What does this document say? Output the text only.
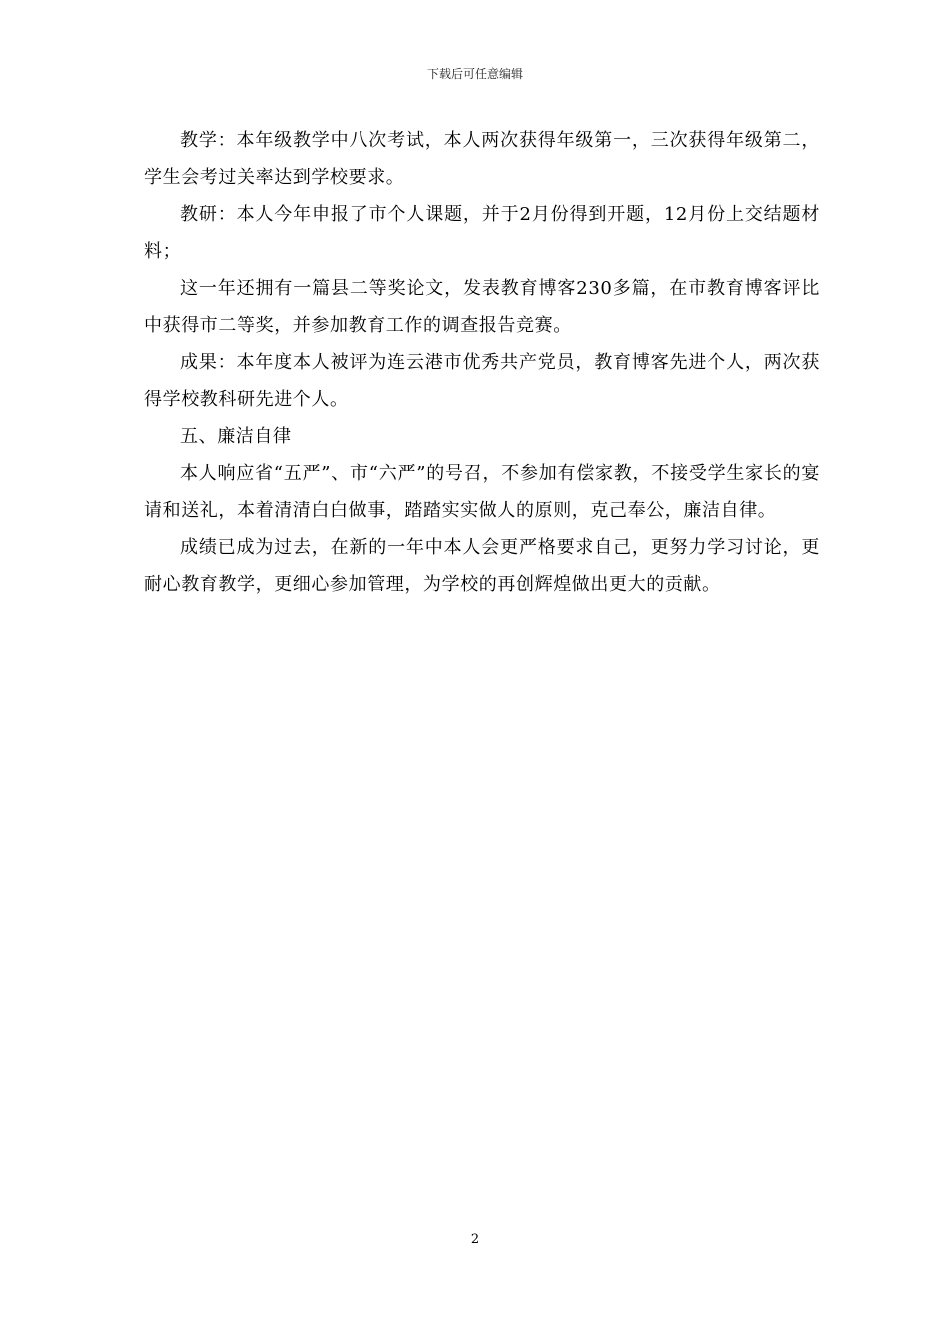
下载后可任意编辑

教学：本年级教学中八次考试，本人两次获得年级第一，三次获得年级第二，学生会考过关率达到学校要求。

教研：本人今年申报了市个人课题，并于2月份得到开题，12月份上交结题材料；

这一年还拥有一篇县二等奖论文，发表教育博客230多篇，在市教育博客评比中获得市二等奖，并参加教育工作的调查报告竞赛。

成果：本年度本人被评为连云港市优秀共产党员，教育博客先进个人，两次获得学校教科研先进个人。

五、廉洁自律

本人响应省“五严”、市“六严”的号召，不参加有偿家教，不接受学生家长的宴请和送礼，本着清清白白做事，踏踏实实做人的原则，克己奉公，廉洁自律。

成绩已成为过去，在新的一年中本人会更严格要求自己，更努力学习讨论，更耐心教育教学，更细心参加管理，为学校的再创辉煌做出更大的贡献。

2
